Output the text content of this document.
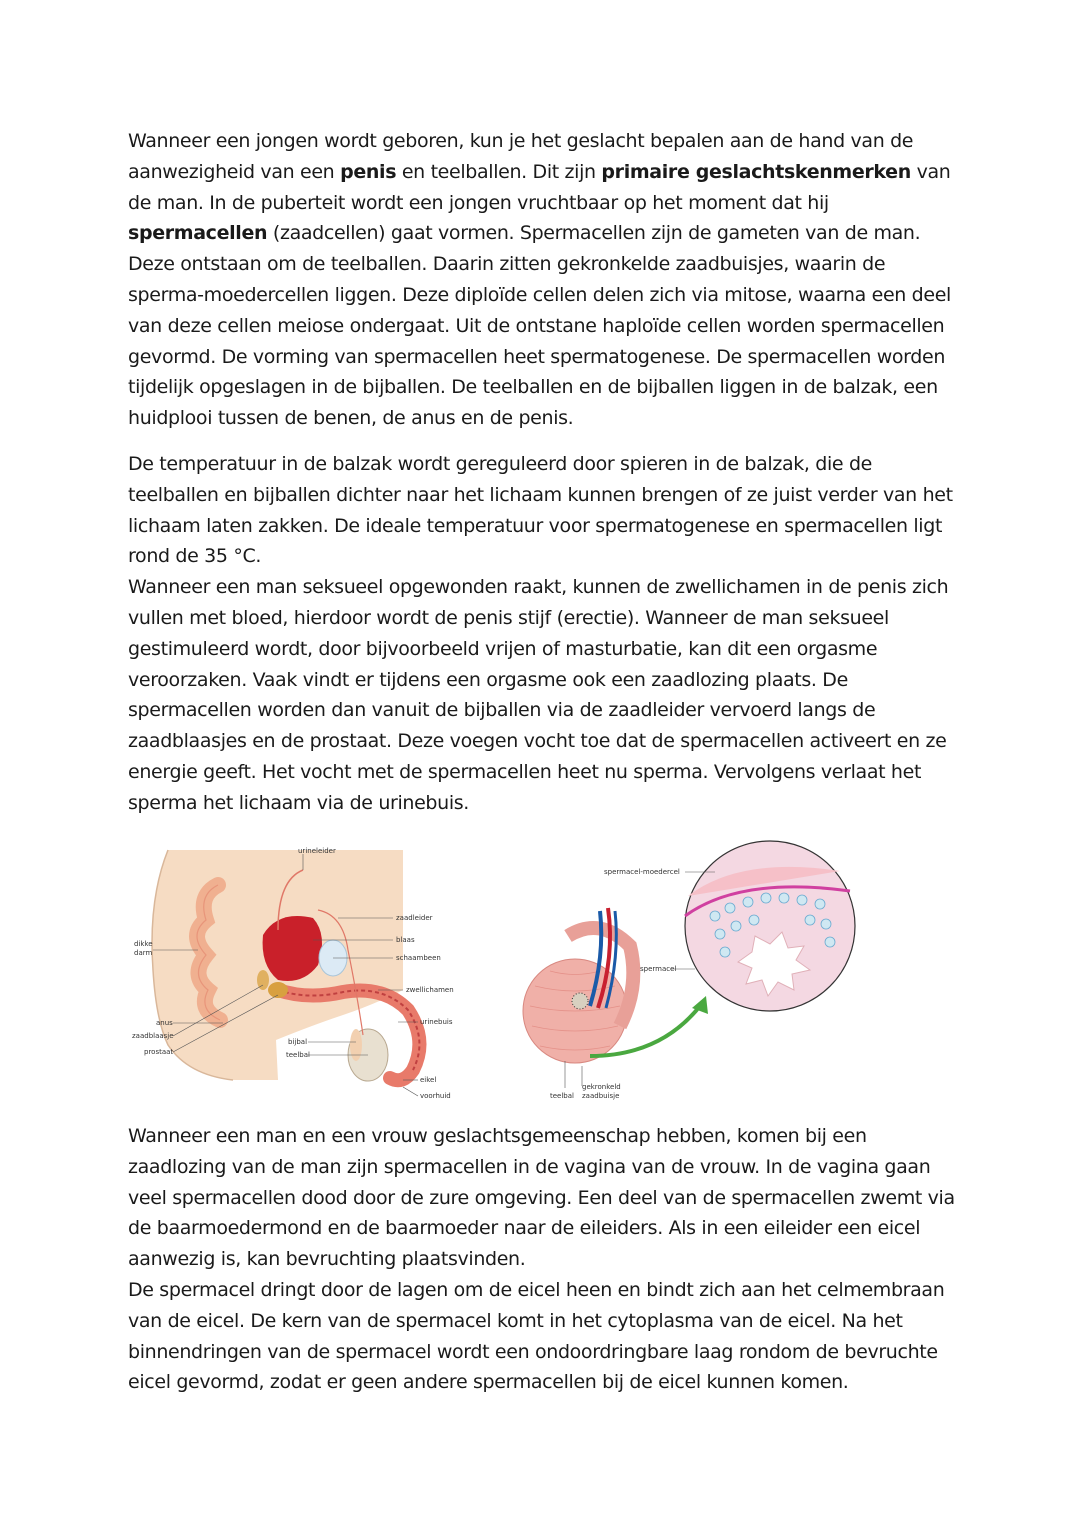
Wanneer een jongen wordt geboren, kun je het geslacht bepalen aan de hand van de aanwezigheid van een penis en teelballen. Dit zijn primaire geslachtskenmerken van de man. In de puberteit wordt een jongen vruchtbaar op het moment dat hij spermacellen (zaadcellen) gaat vormen. Spermacellen zijn de gameten van de man. Deze ontstaan om de teelballen. Daarin zitten gekronkelde zaadbuisjes, waarin de sperma-moedercellen liggen. Deze diploïde cellen delen zich via mitose, waarna een deel van deze cellen meiose ondergaat. Uit de ontstane haploïde cellen worden spermacellen gevormd. De vorming van spermacellen heet spermatogenese. De spermacellen worden tijdelijk opgeslagen in de bijballen. De teelballen en de bijballen liggen in de balzak, een huidplooi tussen de benen, de anus en de penis.

De temperatuur in de balzak wordt gereguleerd door spieren in de balzak, die de teelballen en bijballen dichter naar het lichaam kunnen brengen of ze juist verder van het lichaam laten zakken. De ideale temperatuur voor spermatogenese en spermacellen ligt rond de 35 °C.
Wanneer een man seksueel opgewonden raakt, kunnen de zwellichamen in de penis zich vullen met bloed, hierdoor wordt de penis stijf (erectie). Wanneer de man seksueel gestimuleerd wordt, door bijvoorbeeld vrijen of masturbatie, kan dit een orgasme veroorzaken. Vaak vindt er tijdens een orgasme ook een zaadlozing plaats. De spermacellen worden dan vanuit de bijballen via de zaadleider vervoerd langs de zaadblaasjes en de prostaat. Deze voegen vocht toe dat de spermacellen activeert en ze energie geeft. Het vocht met de spermacellen heet nu sperma. Vervolgens verlaat het sperma het lichaam via de urinebuis.
urineleider
zaadleider
blaas
schaambeen
zwellichamen
urinebuis
dikke
darm
anus
zaadblaasje
prostaat
bijbal
teelbal
eikel
voorhuid
spermacel-moedercel
spermacel
teelbal
gekronkeld
zaadbuisje
Wanneer een man en een vrouw geslachtsgemeenschap hebben, komen bij een zaadlozing van de man zijn spermacellen in de vagina van de vrouw. In de vagina gaan veel spermacellen dood door de zure omgeving. Een deel van de spermacellen zwemt via de baarmoedermond en de baarmoeder naar de eileiders. Als in een eileider een eicel aanwezig is, kan bevruchting plaatsvinden.
De spermacel dringt door de lagen om de eicel heen en bindt zich aan het celmembraan van de eicel. De kern van de spermacel komt in het cytoplasma van de eicel. Na het binnendringen van de spermacel wordt een ondoordringbare laag rondom de bevruchte eicel gevormd, zodat er geen andere spermacellen bij de eicel kunnen komen.
